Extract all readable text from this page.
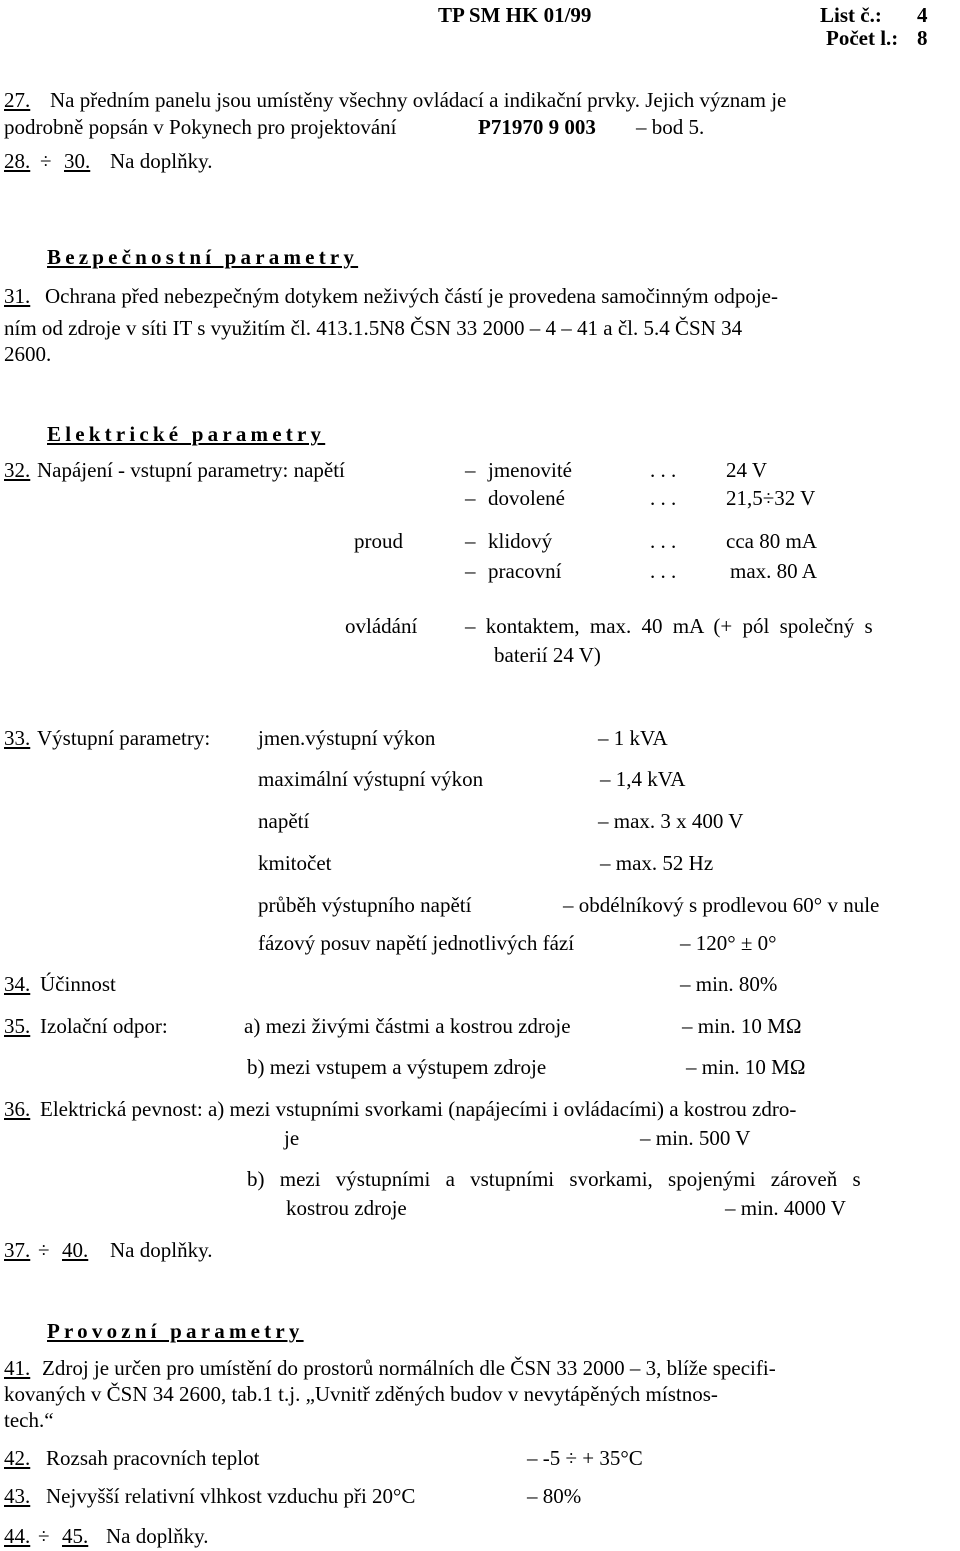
TP SM HK 01/99	List č.: 4
Počet l.: 8
27. Na předním panelu jsou umístěny všechny ovládací a indikační prvky. Jejich význam je
podrobně popsán v Pokynech pro projektování	P71970 9 003 – bod 5.
28. ÷ 30. Na doplňky.
Bezpečnostní parametry
31. Ochrana před nebezpečným dotykem neživých částí je provedena samočinným odpoje-
ním od zdroje v síti IT s využitím čl. 413.1.5N8 ČSN 33 2000 – 4 – 41 a čl. 5.4 ČSN 34
2600.
Elektrické parametry
32. Napájení - vstupní parametry: napětí	– jmenovité	. . . 24 V
– dovolené	. . . 21,5÷32 V
proud	– klidový	. . . cca 80 mA
– pracovní	. . .	max. 80 A
ovládání – kontaktem, max. 40 mA (+ pól společný s
baterií 24 V)
33. Výstupní parametry: jmen.výstupní výkon	– 1 kVA
maximální výstupní výkon	– 1,4 kVA
napětí	– max. 3 x 400 V
kmitočet	– max. 52 Hz
průběh výstupního napětí	– obdélníkový s prodlevou 60° v nule
fázový posuv napětí jednotlivých fází	– 120° ± 0°
34. Účinnost	– min. 80%
35. Izolační odpor:	a) mezi živými částmi a kostrou zdroje	– min. 10 MΩ
b) mezi vstupem a výstupem zdroje	– min. 10 MΩ
36. Elektrická pevnost: a) mezi vstupními svorkami (napájecími i ovládacími) a kostrou zdro-
je	– min. 500 V
b) mezi výstupními a vstupními svorkami, spojenými zároveň s
kostrou zdroje	– min. 4000 V
37. ÷ 40. Na doplňky.
Provozní parametry
41. Zdroj je určen pro umístění do prostorů normálních dle ČSN 33 2000 – 3, blíže specifi-
kovaných v ČSN 34 2600, tab.1 t.j. „Uvnitř zděných budov v nevytápěných místnos-
tech.“
42. Rozsah pracovních teplot	– -5 ÷ + 35°C
43. Nejvyšší relativní vlhkost vzduchu při 20°C	– 80%
44. ÷ 45. Na doplňky.
